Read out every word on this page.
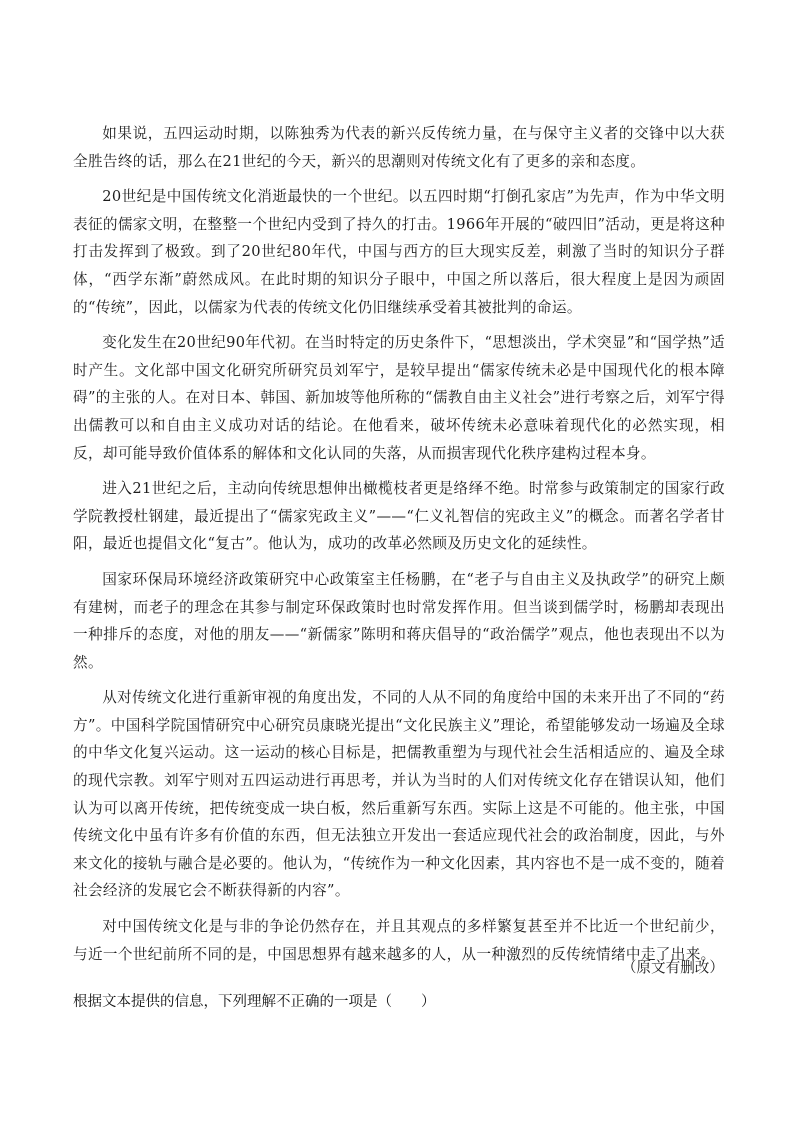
如果说，五四运动时期，以陈独秀为代表的新兴反传统力量，在与保守主义者的交锋中以大获全胜告终的话，那么在21世纪的今天，新兴的思潮则对传统文化有了更多的亲和态度。

20世纪是中国传统文化消逝最快的一个世纪。以五四时期“打倒孔家店”为先声，作为中华文明表征的儒家文明，在整整一个世纪内受到了持久的打击。1966年开展的“破四旧”活动，更是将这种打击发挥到了极致。到了20世纪80年代，中国与西方的巨大现实反差，刺激了当时的知识分子群体，“西学东渐”蔚然成风。在此时期的知识分子眼中，中国之所以落后，很大程度上是因为顽固的“传统”，因此，以儒家为代表的传统文化仍旧继续承受着其被批判的命运。

变化发生在20世纪90年代初。在当时特定的历史条件下，“思想淡出，学术突显”和“国学热”适时产生。文化部中国文化研究所研究员刘军宁，是较早提出“儒家传统未必是中国现代化的根本障碍”的主张的人。在对日本、韩国、新加坡等他所称的“儒教自由主义社会”进行考察之后，刘军宁得出儒教可以和自由主义成功对话的结论。在他看来，破坏传统未必意味着现代化的必然实现，相反，却可能导致价值体系的解体和文化认同的失落，从而损害现代化秩序建构过程本身。

进入21世纪之后，主动向传统思想伸出橄榄枝者更是络绎不绝。时常参与政策制定的国家行政学院教授杜钢建，最近提出了“儒家宪政主义”——“仁义礼智信的宪政主义”的概念。而著名学者甘阳，最近也提倡文化“复古”。他认为，成功的改革必然顾及历史文化的延续性。

国家环保局环境经济政策研究中心政策室主任杨鹏，在“老子与自由主义及执政学”的研究上颇有建树，而老子的理念在其参与制定环保政策时也时常发挥作用。但当谈到儒学时，杨鹏却表现出一种排斥的态度，对他的朋友——“新儒家”陈明和蒋庆倡导的“政治儒学”观点，他也表现出不以为然。

从对传统文化进行重新审视的角度出发，不同的人从不同的角度给中国的未来开出了不同的“药方”。中国科学院国情研究中心研究员康晓光提出“文化民族主义”理论，希望能够发动一场遍及全球的中华文化复兴运动。这一运动的核心目标是，把儒教重塑为与现代社会生活相适应的、遍及全球的现代宗教。刘军宁则对五四运动进行再思考，并认为当时的人们对传统文化存在错误认知，他们认为可以离开传统，把传统变成一块白板，然后重新写东西。实际上这是不可能的。他主张，中国传统文化中虽有许多有价值的东西，但无法独立开发出一套适应现代社会的政治制度，因此，与外来文化的接轨与融合是必要的。他认为，“传统作为一种文化因素，其内容也不是一成不变的，随着社会经济的发展它会不断获得新的内容”。

对中国传统文化是与非的争论仍然存在，并且其观点的多样繁复甚至并不比近一个世纪前少，与近一个世纪前所不同的是，中国思想界有越来越多的人，从一种激烈的反传统情绪中走了出来。

（原文有删改）
根据文本提供的信息，下列理解不正确的一项是（　　）
